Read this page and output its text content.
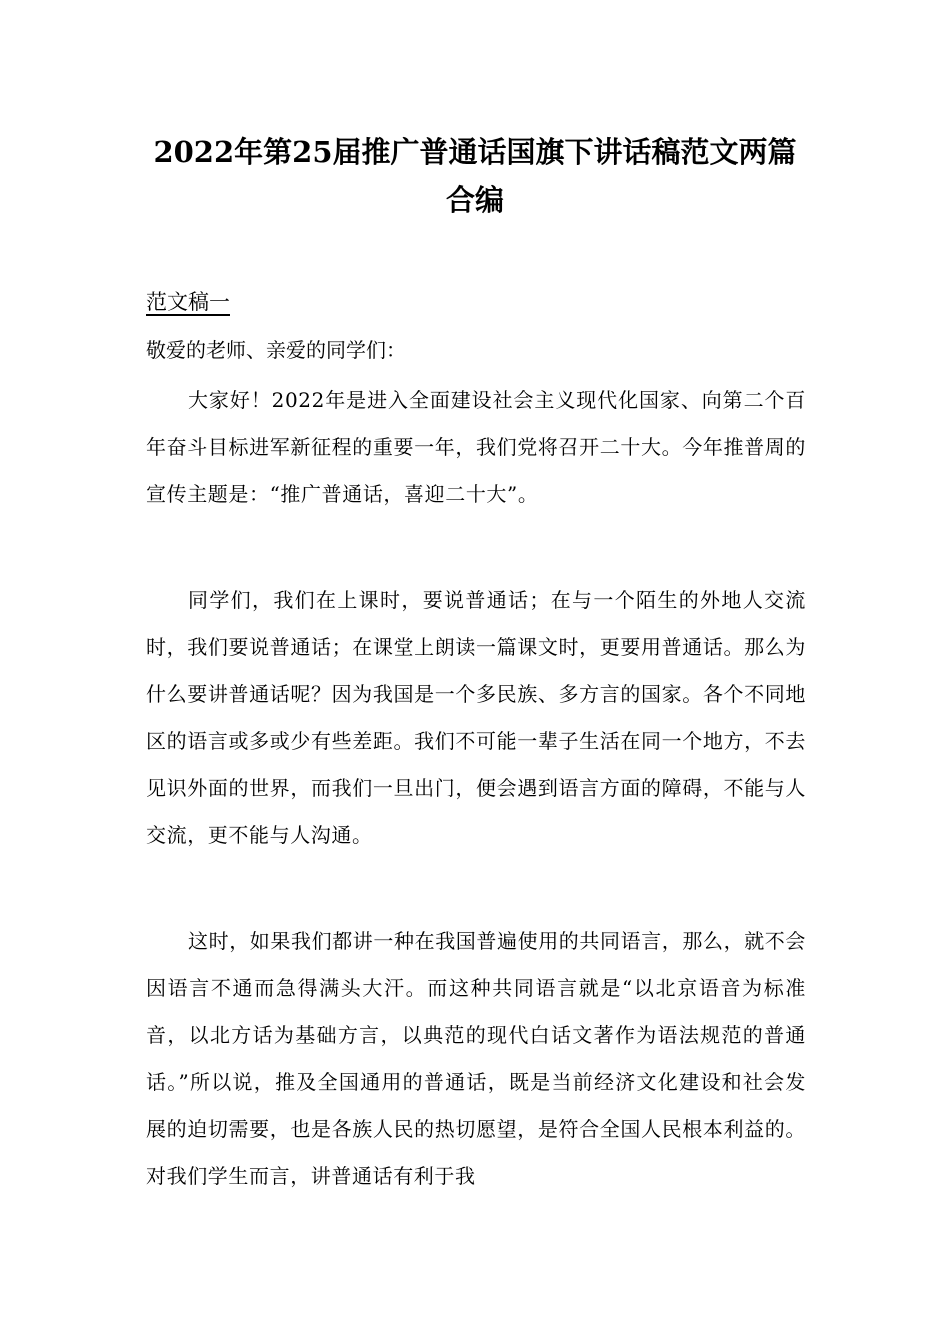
2022年第25届推广普通话国旗下讲话稿范文两篇合编
范文稿一
敬爱的老师、亲爱的同学们：
大家好！2022年是进入全面建设社会主义现代化国家、向第二个百年奋斗目标进军新征程的重要一年，我们党将召开二十大。今年推普周的宣传主题是：“推广普通话，喜迎二十大”。
同学们，我们在上课时，要说普通话；在与一个陌生的外地人交流时，我们要说普通话；在课堂上朗读一篇课文时，更要用普通话。那么为什么要讲普通话呢？因为我国是一个多民族、多方言的国家。各个不同地区的语言或多或少有些差距。我们不可能一辈子生活在同一个地方，不去见识外面的世界，而我们一旦出门，便会遇到语言方面的障碍，不能与人交流，更不能与人沟通。
这时，如果我们都讲一种在我国普遍使用的共同语言，那么，就不会因语言不通而急得满头大汗。而这种共同语言就是“以北京语音为标准音，以北方话为基础方言，以典范的现代白话文著作为语法规范的普通话。”所以说，推及全国通用的普通话，既是当前经济文化建设和社会发展的迫切需要，也是各族人民的热切愿望，是符合全国人民根本利益的。对我们学生而言，讲普通话有利于我
